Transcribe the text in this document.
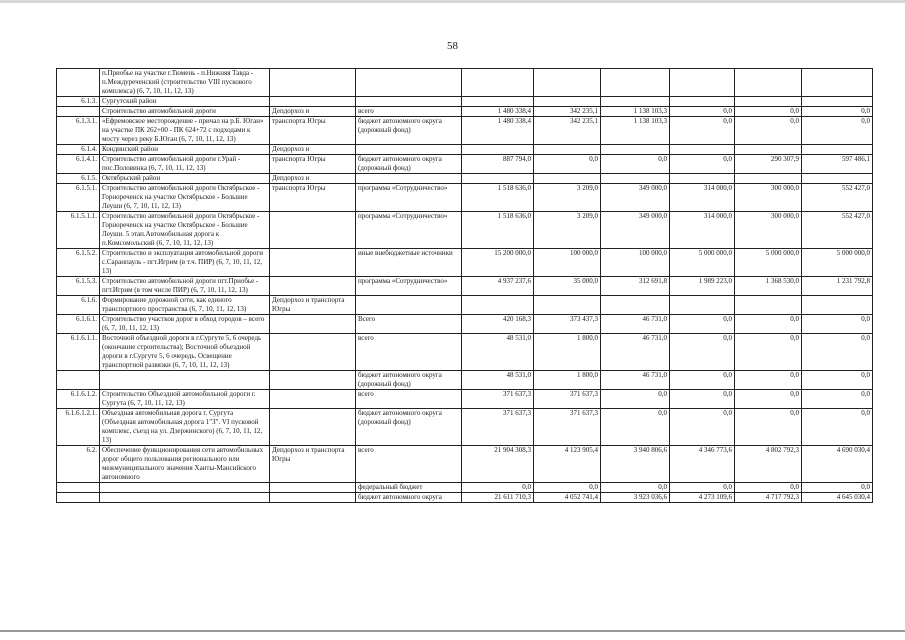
58
	п.Приобье на участке г.Тюмень - п.Нижняя Тавда - п.Междуреченский (строительство VIII пускового комплекса) (6, 7, 10, 11, 12, 13)								
6.1.3.	Сургутский район								
	Строительство автомобильной дороги	Депдорхоз и	всего	1 480 338,4	342 235,1	1 138 103,3	0,0	0,0	0,0
6.1.3.1.	«Ефремовское месторождение - причал на р.Б. Юган» на участке ПК 262+00 - ПК 624+72 с подходами к мосту через реку Б.Юган (6, 7, 10, 11, 12, 13)	транспорта Югры	бюджет автономного округа (дорожный фонд)	1 480 338,4	342 235,1	1 138 103,3	0,0	0,0	0,0
6.1.4.	Кондинский район	Депдорхоз и							
6.1.4.1.	Строительство автомобильной дороги г.Урай - пос.Половинка (6, 7, 10, 11, 12, 13)	транспорта Югры	бюджет автономного округа (дорожный фонд)	887 794,0	0,0	0,0	0,0	290 307,9	597 486,1
6.1.5.	Октябрьский район	Депдорхоз и							
6.1.5.1.	Строительство автомобильной дороги Октябрьское - Горнореченск на участке Октябрьское - Большие Леуши (6, 7, 10, 11, 12, 13)	транспорта Югры	программа «Сотрудничество»	1 518 636,0	3 209,0	349 000,0	314 000,0	300 000,0	552 427,0
6.1.5.1.1.	Строительство автомобильной дороги Октябрьское - Горнореченск на участке Октябрьское - Большие Леуши. 5 этап.Автомобильная дорога к п.Комсомольский (6, 7, 10, 11, 12, 13)		программа «Сотрудничество»	1 518 636,0	3 209,0	349 000,0	314 000,0	300 000,0	552 427,0
6.1.5.2.	Строительство и эксплуатация автомобильной дороги с.Саранпауль - пгт.Игрим (в т.ч. ПИР) (6, 7, 10, 11, 12, 13)		иные внебюджетные источники	15 200 000,0	100 000,0	100 000,0	5 000 000,0	5 000 000,0	5 000 000,0
6.1.5.3.	Строительство автомобильной дороги пгт.Приобье - пгт.Игрим (в том числе ПИР) (6, 7, 10, 11, 12, 13)		программа «Сотрудничество»	4 937 237,6	35 000,0	312 691,8	1 989 223,0	1 368 530,0	1 231 792,8
6.1.6.	Формирование дорожной сети, как единого транспортного пространства (6, 7, 10, 11, 12, 13)	Депдорхоз и транспорта Югры							
6.1.6.1.	Строительство участков дорог в обход городов – всего (6, 7, 10, 11, 12, 13)		Всего	420 168,3	373 437,3	46 731,0	0,0	0,0	0,0
6.1.6.1.1.	Восточной объездной дороги в г.Сургуте 5, 6 очередь (окончание строительства); Восточной объездной дороги в г.Сургуте 5, 6 очередь. Освещение транспортной развязки (6, 7, 10, 11, 12, 13)		всего	48 531,0	1 800,0	46 731,0	0,0	0,0	0,0
			бюджет автономного округа (дорожный фонд)	48 531,0	1 800,0	46 731,0	0,0	0,0	0,0
6.1.6.1.2.	Строительство Объездной автомобильной дороги г. Сургута (6, 7, 10, 11, 12, 13)		всего	371 637,3	371 637,3	0,0	0,0	0,0	0,0
6.1.6.1.2.1.	Объездная автомобильная дорога г. Сургута (Объездная автомобильная дорога 1"З". VI пусковой комплекс, съезд на ул. Дзержинского) (6, 7, 10, 11, 12, 13)		бюджет автономного округа (дорожный фонд)	371 637,3	371 637,3	0,0	0,0	0,0	0,0
6.2.	Обеспечение функционирования сети автомобильных дорог общего пользования регионального или межмуниципального значения Ханты-Мансийского автономного	Депдорхоз и транспорта Югры	всего	21 904 308,3	4 123 905,4	3 940 806,6	4 346 773,6	4 802 792,3	4 690 030,4
			федеральный бюджет	0,0	0,0	0,0	0,0	0,0	0,0
			бюджет автономного округа	21 611 710,3	4 052 741,4	3 923 036,6	4 273 109,6	4 717 792,3	4 645 030,4
